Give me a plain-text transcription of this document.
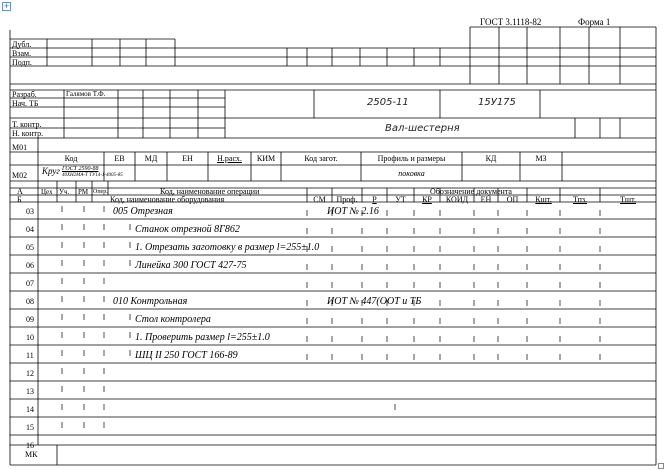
+
ГОСТ 3.1118-82	Форма 1
Дубл.
Взам.
Подп.
Разраб.	Галямов Т.Ф.
Нач. ТБ
Т. контр.
Н. контр.
2505-11	15У175
Вал-шестерня
М01
М02
Код	ЕВ	МД	ЕН	Н.расх.	КИМ	Код загот.	Профиль и размеры	КД	МЗ
Круг ГОСТ 2590-88
40ХН2МА-Т ТУ14-1-4005-85	поковка
А
Б
Цех Уч. РМ Опер.	Код, наименование операции
Код, наименование оборудования
Обозначение документа
СМ	Проф.	Р	УТ	КР	КОИД	ЕН	ОП	Кшт.	Тпз.	Тшт.
03	005 Отрезная	ИОТ № 2.16
04	Станок отрезной 8Г862
05	1. Отрезать заготовку в размер l=255±1.0
06	Линейка 300 ГОСТ 427-75
07
08	010 Контрольная	ИОТ № 447(ООТ и ТБ
09	Стол контролера
10	1. Проверить размер l=255±1.0
11	ШЦ II 250 ГОСТ 166-89
12
13
14
15
16
МК
